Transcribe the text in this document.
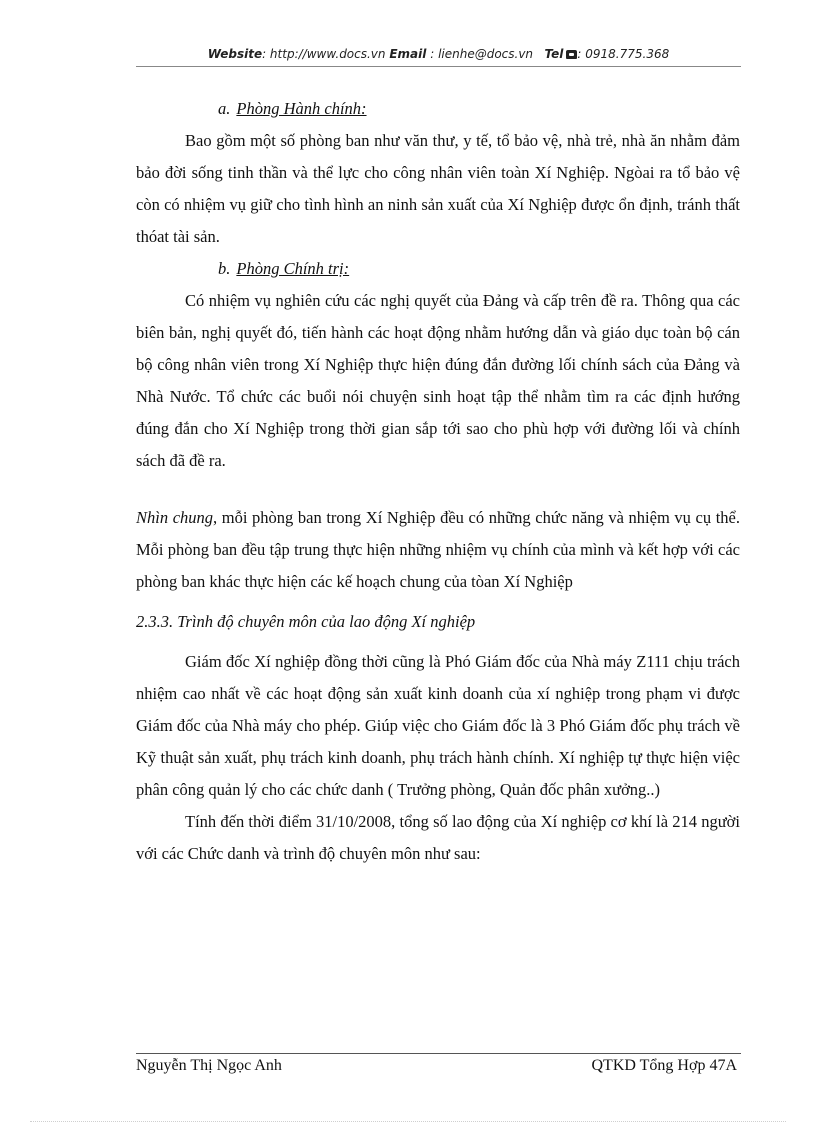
Website: http://www.docs.vn Email : lienhe@docs.vn Tel : 0918.775.368

a. Phòng Hành chính:

Bao gồm một số phòng ban như văn thư, y tế, tổ bảo vệ, nhà trẻ, nhà ăn nhằm đảm bảo đời sống tinh thần và thể lực cho công nhân viên toàn Xí Nghiệp. Ngòai ra tổ bảo vệ còn có nhiệm vụ giữ cho tình hình an ninh sản xuất của Xí Nghiệp được ổn định, tránh thất thóat tài sản.

b. Phòng Chính trị:

Có nhiệm vụ nghiên cứu các nghị quyết của Đảng và cấp trên đề ra. Thông qua các biên bản, nghị quyết đó, tiến hành các hoạt động nhằm hướng dẫn và giáo dục toàn bộ cán bộ công nhân viên trong Xí Nghiệp thực hiện đúng đắn đường lối chính sách của Đảng và Nhà Nước. Tổ chức các buổi nói chuyện sinh hoạt tập thể nhằm tìm ra các định hướng đúng đắn cho Xí Nghiệp trong thời gian sắp tới sao cho phù hợp với đường lối và chính sách đã đề ra.

Nhìn chung, mỗi phòng ban trong Xí Nghiệp đều có những chức năng và nhiệm vụ cụ thể. Mỗi phòng ban đều tập trung thực hiện những nhiệm vụ chính của mình và kết hợp với các phòng ban khác thực hiện các kế hoạch chung của tòan Xí Nghiệp

2.3.3. Trình độ chuyên môn của lao động Xí nghiệp

Giám đốc Xí nghiệp đồng thời cũng là Phó Giám đốc của Nhà máy Z111 chịu trách nhiệm cao nhất về các hoạt động sản xuất kinh doanh của xí nghiệp trong phạm vi được Giám đốc của Nhà máy cho phép. Giúp việc cho Giám đốc là 3 Phó Giám đốc phụ trách về Kỹ thuật sản xuất, phụ trách kinh doanh, phụ trách hành chính. Xí nghiệp tự thực hiện việc phân công quản lý cho các chức danh ( Trưởng phòng, Quản đốc phân xưởng..)

Tính đến thời điểm 31/10/2008, tổng số lao động của Xí nghiệp cơ khí là 214 người với các Chức danh và trình độ chuyên môn như sau:

Nguyễn Thị Ngọc Anh	QTKD Tổng Hợp 47A
